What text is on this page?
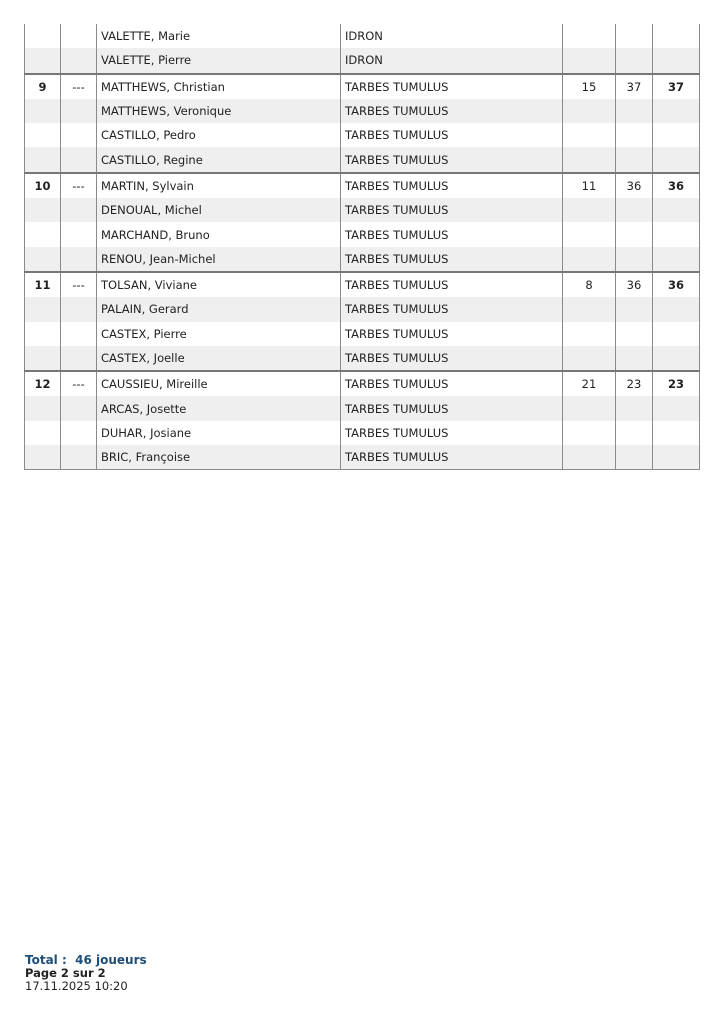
		VALETTE, Marie	IDRON			
		VALETTE, Pierre	IDRON			
9	---	MATTHEWS, Christian	TARBES TUMULUS	15	37	37
		MATTHEWS, Veronique	TARBES TUMULUS			
		CASTILLO, Pedro	TARBES TUMULUS			
		CASTILLO, Regine	TARBES TUMULUS			
10	---	MARTIN, Sylvain	TARBES TUMULUS	11	36	36
		DENOUAL, Michel	TARBES TUMULUS			
		MARCHAND, Bruno	TARBES TUMULUS			
		RENOU, Jean-Michel	TARBES TUMULUS			
11	---	TOLSAN, Viviane	TARBES TUMULUS	8	36	36
		PALAIN, Gerard	TARBES TUMULUS			
		CASTEX, Pierre	TARBES TUMULUS			
		CASTEX, Joelle	TARBES TUMULUS			
12	---	CAUSSIEU, Mireille	TARBES TUMULUS	21	23	23
		ARCAS, Josette	TARBES TUMULUS			
		DUHAR, Josiane	TARBES TUMULUS			
		BRIC, Françoise	TARBES TUMULUS			
Total :  46 joueurs
Page 2 sur 2
17.11.2025 10:20
